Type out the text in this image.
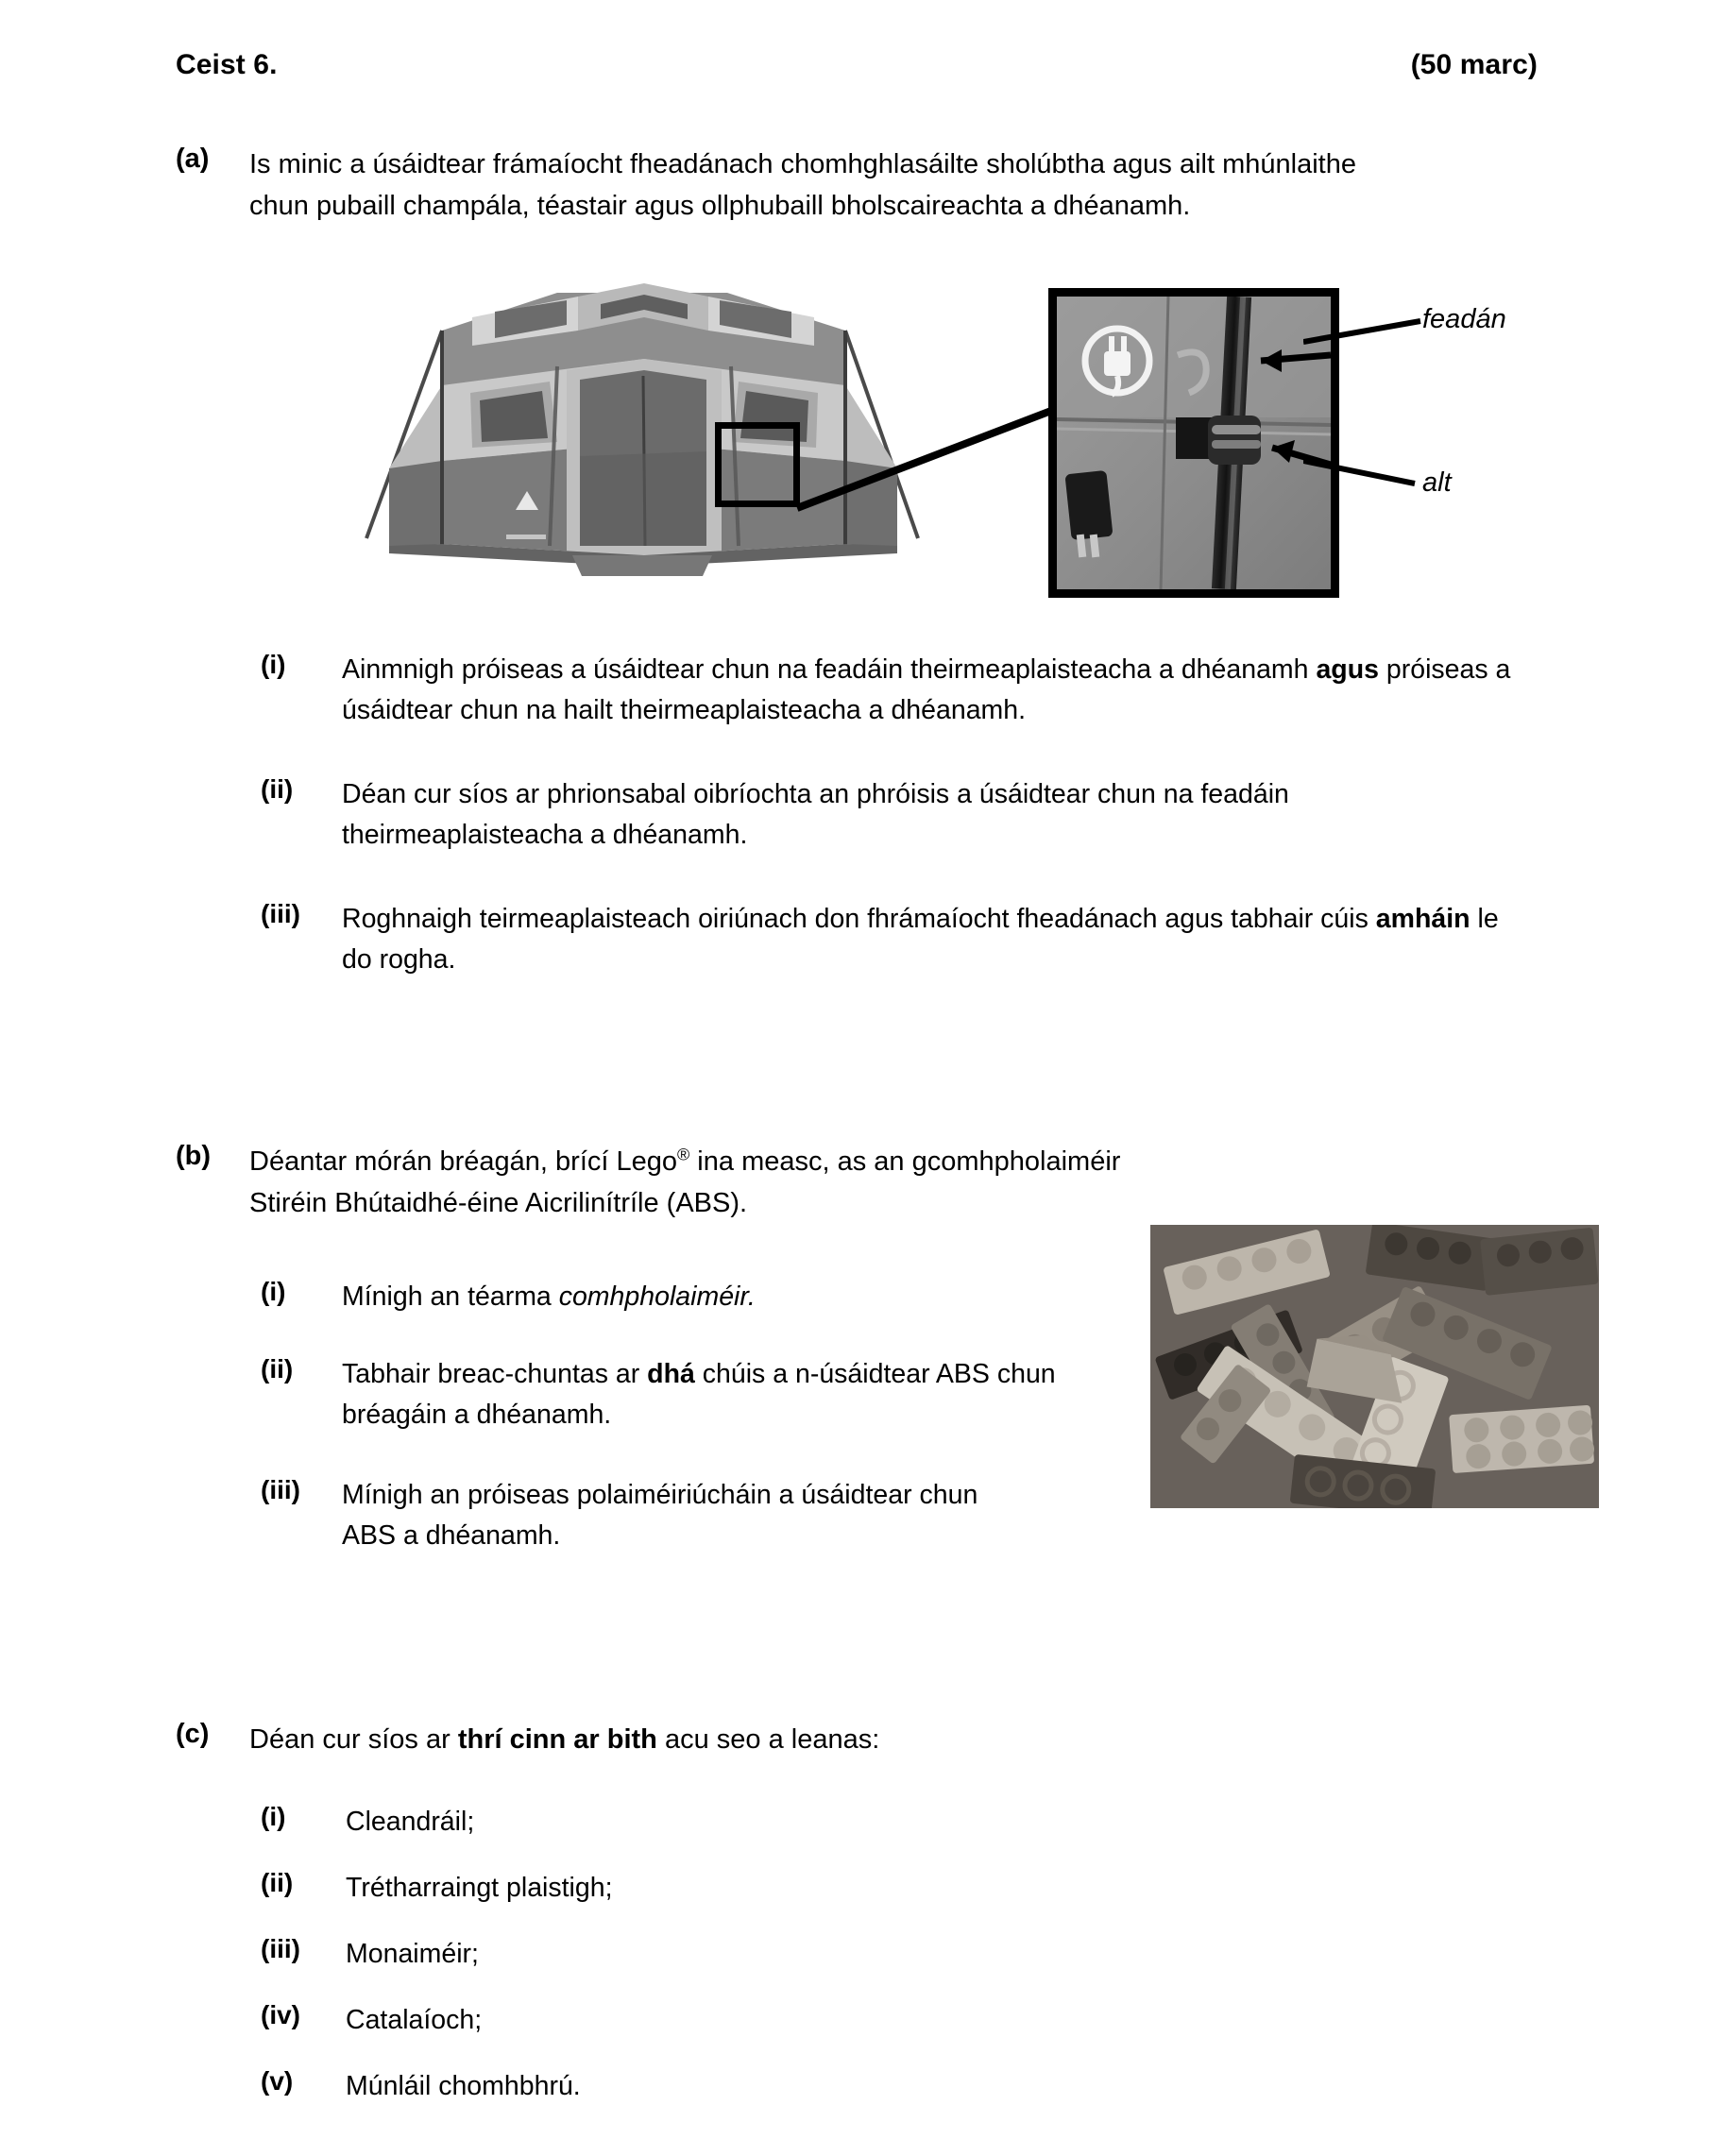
Ceist 6.	(50 marc)
(a)	Is minic a úsáidtear frámaíocht fheadánach chomhghlasáilte sholúbtha agus ailt mhúnlaithe
chun pubaill champála, téastair agus ollphubaill bholscaireachta a dhéanamh.
feadán
alt
(i)	Ainmnigh próiseas a úsáidtear chun na feadáin theirmeaplaisteacha a dhéanamh agus próiseas a úsáidtear chun na hailt theirmeaplaisteacha a dhéanamh.
(ii)	Déan cur síos ar phrionsabal oibríochta an phróisis a úsáidtear chun na feadáin theirmeaplaisteacha a dhéanamh.
(iii)	Roghnaigh teirmeaplaisteach oiriúnach don fhrámaíocht fheadánach agus tabhair cúis amháin le do rogha.
(b)	Déantar mórán bréagán, brící Lego® ina measc, as an gcomhpholaiméir
Stiréin Bhútaidhé-éine Aicrilinítríle (ABS).
(i)	Mínigh an téarma comhpholaiméir.
(ii)	Tabhair breac-chuntas ar dhá chúis a n-úsáidtear ABS chun bréagáin a dhéanamh.
(iii)	Mínigh an próiseas polaiméiriúcháin a úsáidtear chun ABS a dhéanamh.
(c)	Déan cur síos ar thrí cinn ar bith acu seo a leanas:
(i)	Cleandráil;
(ii)	Trétharraingt plaistigh;
(iii)	Monaiméir;
(iv)	Catalaíoch;
(v)	Múnláil chomhbhrú.
